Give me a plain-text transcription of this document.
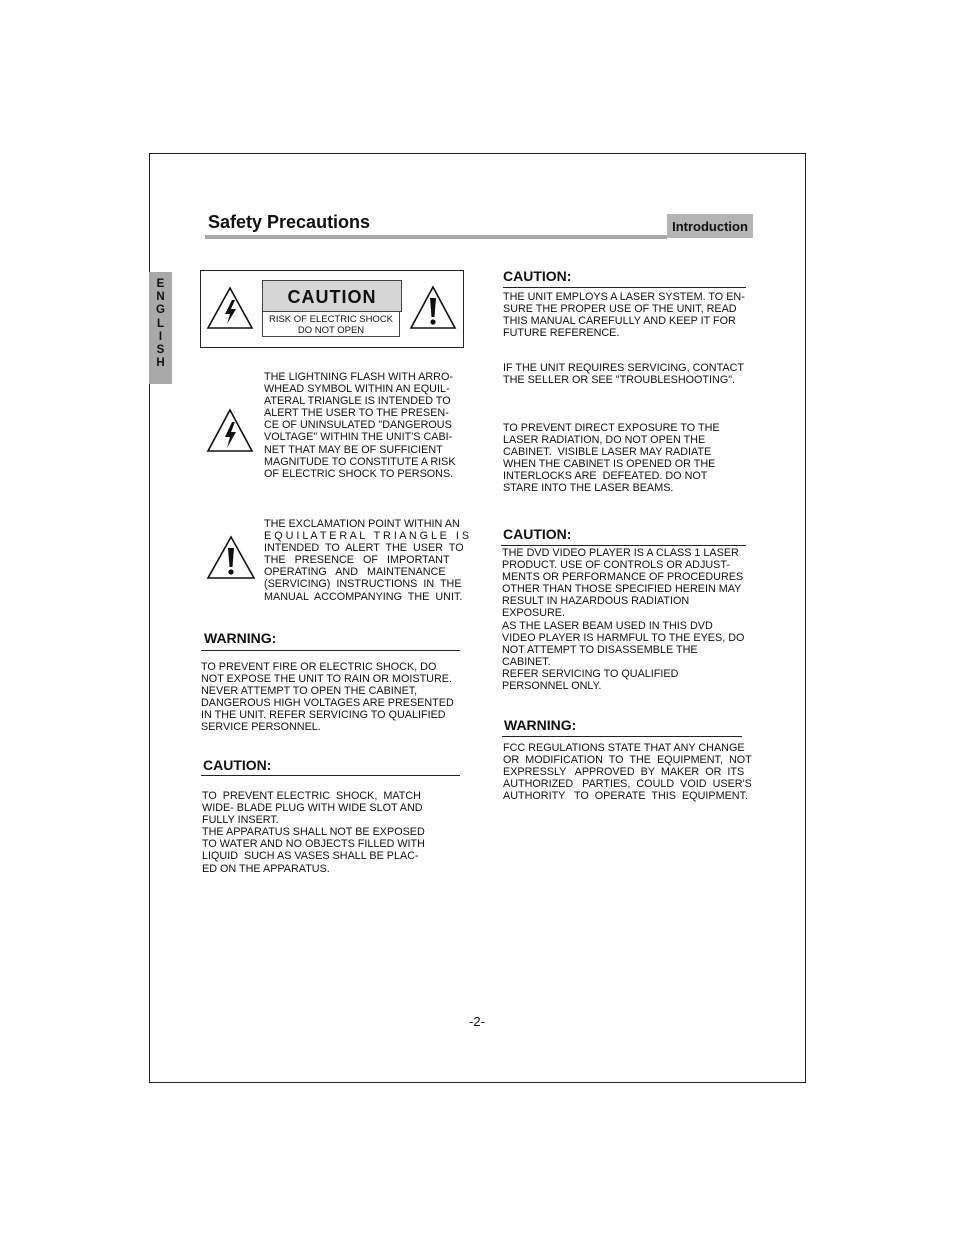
Safety Precautions	Introduction
E
N
G
L
I
S
H
CAUTION
RISK OF ELECTRIC SHOCK
DO NOT OPEN
THE LIGHTNING FLASH WITH ARRO-
WHEAD SYMBOL WITHIN AN EQUIL-
ATERAL TRIANGLE IS INTENDED TO
ALERT THE USER TO THE PRESEN-
CE OF UNINSULATED "DANGEROUS
VOLTAGE" WITHIN THE UNIT'S CABI-
NET THAT MAY BE OF SUFFICIENT
MAGNITUDE TO CONSTITUTE A RISK
OF ELECTRIC SHOCK TO PERSONS.
THE EXCLAMATION POINT WITHIN AN
E Q U I L A T E R A L   T R I A N G L E   I S
INTENDED  TO  ALERT  THE  USER  TO
THE   PRESENCE   OF   IMPORTANT
OPERATING   AND   MAINTENANCE
(SERVICING)  INSTRUCTIONS  IN  THE
MANUAL  ACCOMPANYING  THE  UNIT.
WARNING:
TO PREVENT FIRE OR ELECTRIC SHOCK, DO
NOT EXPOSE THE UNIT TO RAIN OR MOISTURE.
NEVER ATTEMPT TO OPEN THE CABINET,
DANGEROUS HIGH VOLTAGES ARE PRESENTED
IN THE UNIT. REFER SERVICING TO QUALIFIED
SERVICE PERSONNEL.
CAUTION:
TO  PREVENT ELECTRIC  SHOCK,  MATCH
WIDE- BLADE PLUG WITH WIDE SLOT AND
FULLY INSERT.
THE APPARATUS SHALL NOT BE EXPOSED
TO WATER AND NO OBJECTS FILLED WITH
LIQUID  SUCH AS VASES SHALL BE PLAC-
ED ON THE APPARATUS.
CAUTION:
THE UNIT EMPLOYS A LASER SYSTEM. TO EN-
SURE THE PROPER USE OF THE UNIT, READ
THIS MANUAL CAREFULLY AND KEEP IT FOR
FUTURE REFERENCE.
IF THE UNIT REQUIRES SERVICING, CONTACT
THE SELLER OR SEE "TROUBLESHOOTING".
TO PREVENT DIRECT EXPOSURE TO THE
LASER RADIATION, DO NOT OPEN THE
CABINET.  VISIBLE LASER MAY RADIATE
WHEN THE CABINET IS OPENED OR THE
INTERLOCKS ARE  DEFEATED. DO NOT
STARE INTO THE LASER BEAMS.
CAUTION:
THE DVD VIDEO PLAYER IS A CLASS 1 LASER
PRODUCT. USE OF CONTROLS OR ADJUST-
MENTS OR PERFORMANCE OF PROCEDURES
OTHER THAN THOSE SPECIFIED HEREIN MAY
RESULT IN HAZARDOUS RADIATION
EXPOSURE.
AS THE LASER BEAM USED IN THIS DVD
VIDEO PLAYER IS HARMFUL TO THE EYES, DO
NOT ATTEMPT TO DISASSEMBLE THE
CABINET.
REFER SERVICING TO QUALIFIED
PERSONNEL ONLY.
WARNING:
FCC REGULATIONS STATE THAT ANY CHANGE
OR  MODIFICATION  TO  THE  EQUIPMENT,  NOT
EXPRESSLY   APPROVED  BY  MAKER  OR  ITS
AUTHORIZED   PARTIES,  COULD  VOID  USER'S
AUTHORITY   TO  OPERATE  THIS  EQUIPMENT.
-2-
